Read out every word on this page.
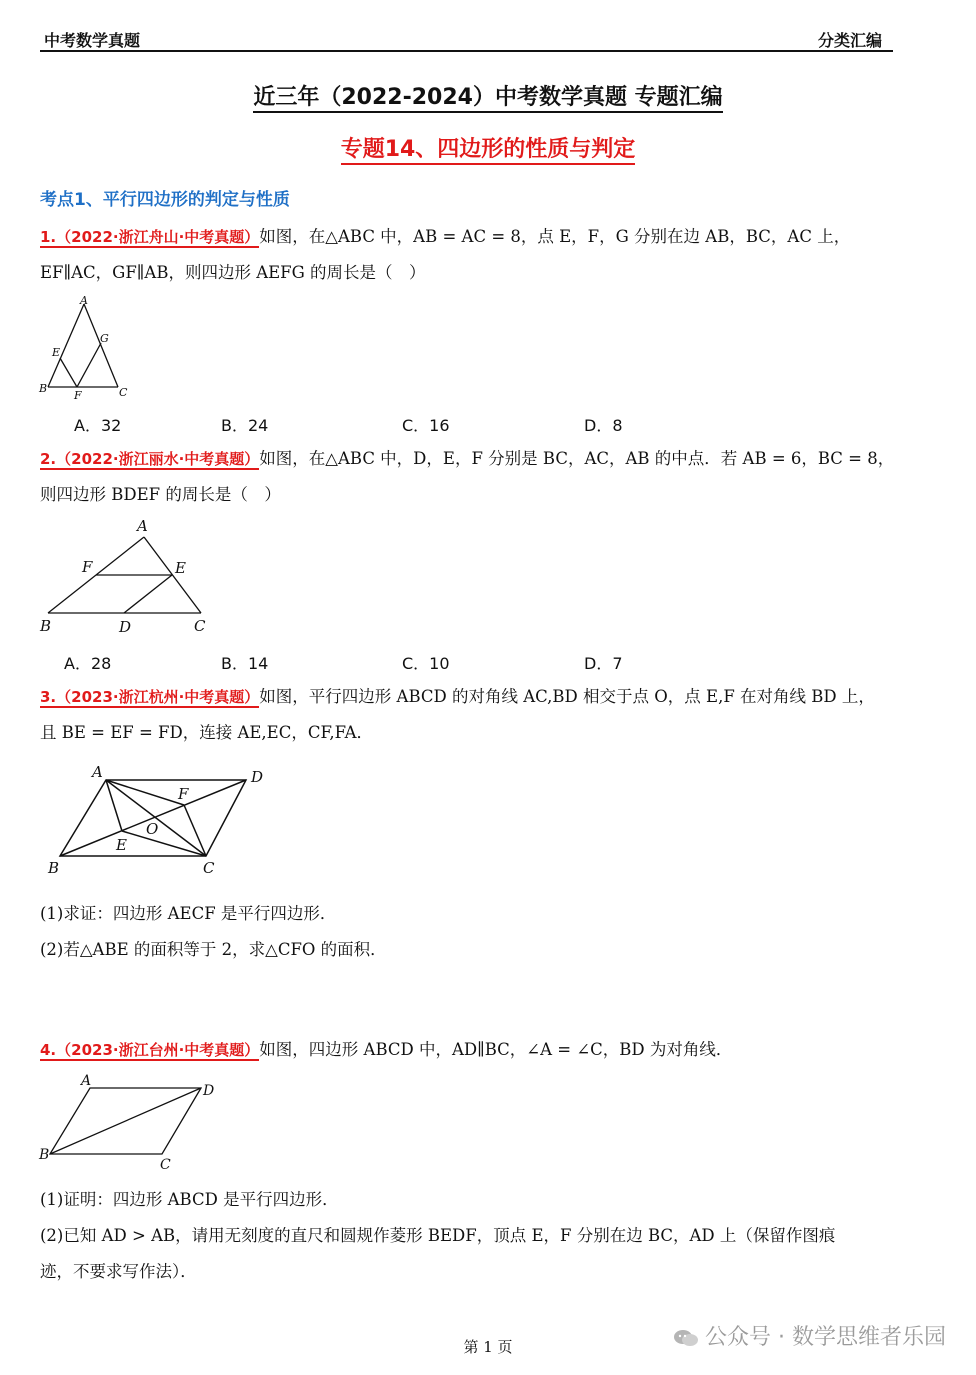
中考数学真题	分类汇编
近三年（2022-2024）中考数学真题 专题汇编
专题14、四边形的性质与判定
考点1、平行四边形的判定与性质
1.（2022·浙江舟山·中考真题）如图，在△ABC 中，AB = AC = 8，点 E，F，G 分别在边 AB，BC，AC 上，
EF∥AC，GF∥AB，则四边形 AEFG 的周长是（　）
A
B	C
E
F
G
A．32	B．24	C．16	D．8
2.（2022·浙江丽水·中考真题）如图，在△ABC 中，D，E，F 分别是 BC，AC，AB 的中点．若 AB = 6，BC = 8，
则四边形 BDEF 的周长是（　）
A
B	C
D
E
F
A．28	B．14	C．10	D．7
3.（2023·浙江杭州·中考真题）如图，平行四边形 ABCD 的对角线 AC,BD 相交于点 O，点 E,F 在对角线 BD 上，
且 BE = EF = FD，连接 AE,EC，CF,FA．
A
B	C
D
E
F
O
(1)求证：四边形 AECF 是平行四边形．
(2)若△ABE 的面积等于 2，求△CFO 的面积．
4.（2023·浙江台州·中考真题）如图，四边形 ABCD 中，AD∥BC，∠A = ∠C，BD 为对角线．
A
B
C
D
(1)证明：四边形 ABCD 是平行四边形．
(2)已知 AD > AB，请用无刻度的直尺和圆规作菱形 BEDF，顶点 E，F 分别在边 BC，AD 上（保留作图痕
迹，不要求写作法）．
第 1 页	公众号 · 数学思维者乐园
